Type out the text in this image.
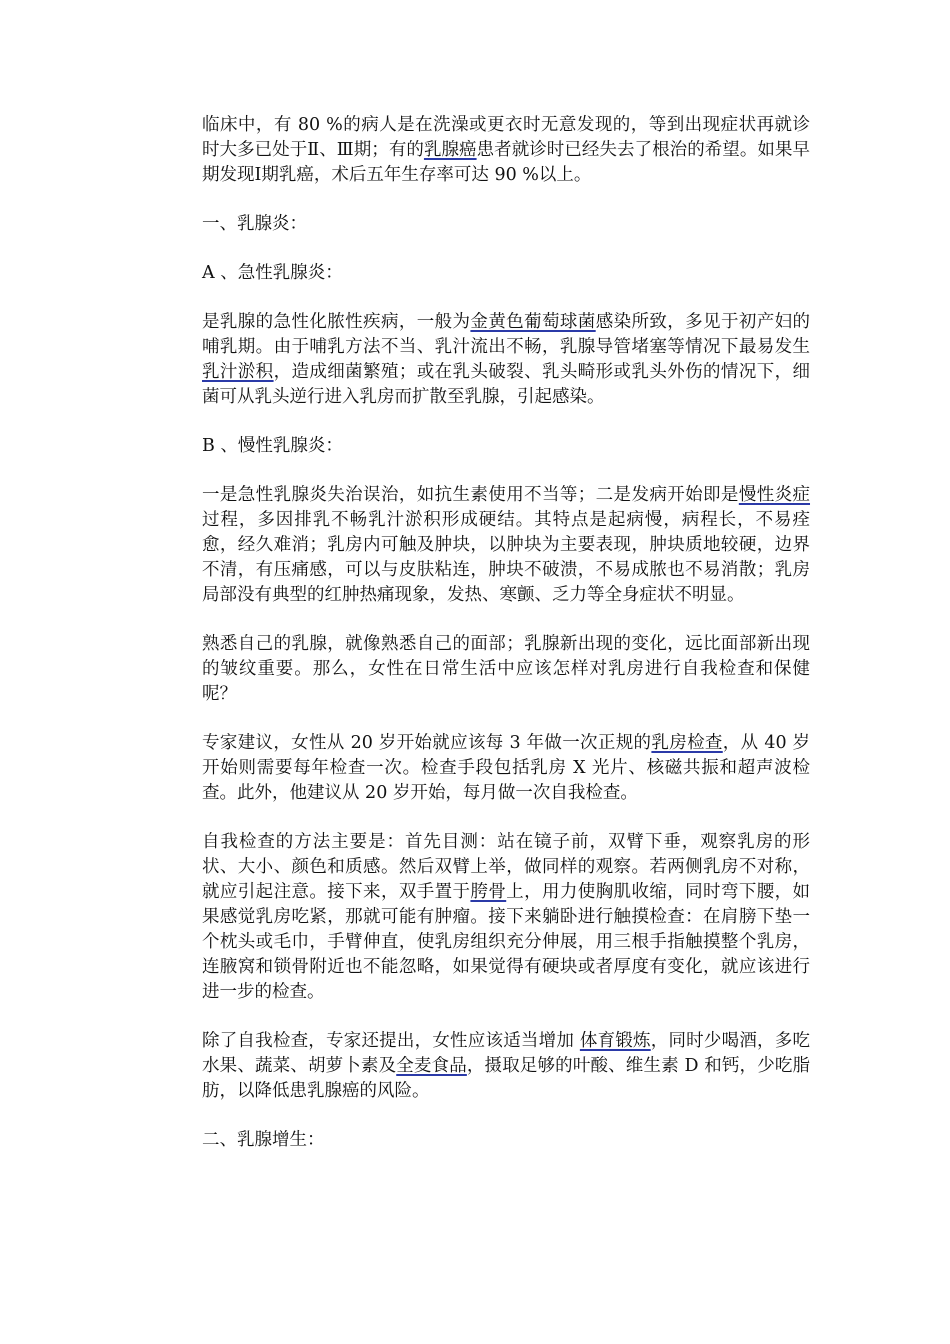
临床中，有 80 %的病人是在洗澡或更衣时无意发现的，等到出现症状再就诊时大多已处于Ⅱ、Ⅲ期；有的乳腺癌患者就诊时已经失去了根治的希望。如果早期发现Ⅰ期乳癌，术后五年生存率可达 90 %以上。

一、乳腺炎：

A 、急性乳腺炎：

是乳腺的急性化脓性疾病，一般为金黄色葡萄球菌感染所致，多见于初产妇的哺乳期。由于哺乳方法不当、乳汁流出不畅，乳腺导管堵塞等情况下最易发生乳汁淤积，造成细菌繁殖；或在乳头破裂、乳头畸形或乳头外伤的情况下，细菌可从乳头逆行进入乳房而扩散至乳腺，引起感染。

B 、慢性乳腺炎：

一是急性乳腺炎失治误治，如抗生素使用不当等；二是发病开始即是慢性炎症过程，多因排乳不畅乳汁淤积形成硬结。其特点是起病慢，病程长，不易痊愈，经久难消；乳房内可触及肿块，以肿块为主要表现，肿块质地较硬，边界不清，有压痛感，可以与皮肤粘连，肿块不破溃，不易成脓也不易消散；乳房局部没有典型的红肿热痛现象，发热、寒颤、乏力等全身症状不明显。

熟悉自己的乳腺，就像熟悉自己的面部；乳腺新出现的变化，远比面部新出现的皱纹重要。那么，女性在日常生活中应该怎样对乳房进行自我检查和保健呢？

专家建议，女性从 20 岁开始就应该每 3 年做一次正规的乳房检查，从 40 岁开始则需要每年检查一次。检查手段包括乳房 X 光片、核磁共振和超声波检查。此外，他建议从 20 岁开始，每月做一次自我检查。

自我检查的方法主要是：首先目测：站在镜子前，双臂下垂，观察乳房的形状、大小、颜色和质感。然后双臂上举，做同样的观察。若两侧乳房不对称，就应引起注意。接下来，双手置于胯骨上，用力使胸肌收缩，同时弯下腰，如果感觉乳房吃紧，那就可能有肿瘤。接下来躺卧进行触摸检查：在肩膀下垫一个枕头或毛巾，手臂伸直，使乳房组织充分伸展，用三根手指触摸整个乳房，连腋窝和锁骨附近也不能忽略，如果觉得有硬块或者厚度有变化，就应该进行进一步的检查。

除了自我检查，专家还提出，女性应该适当增加 体育锻炼，同时少喝酒，多吃水果、蔬菜、胡萝卜素及全麦食品，摄取足够的叶酸、维生素 D 和钙，少吃脂肪，以降低患乳腺癌的风险。

二、乳腺增生：
